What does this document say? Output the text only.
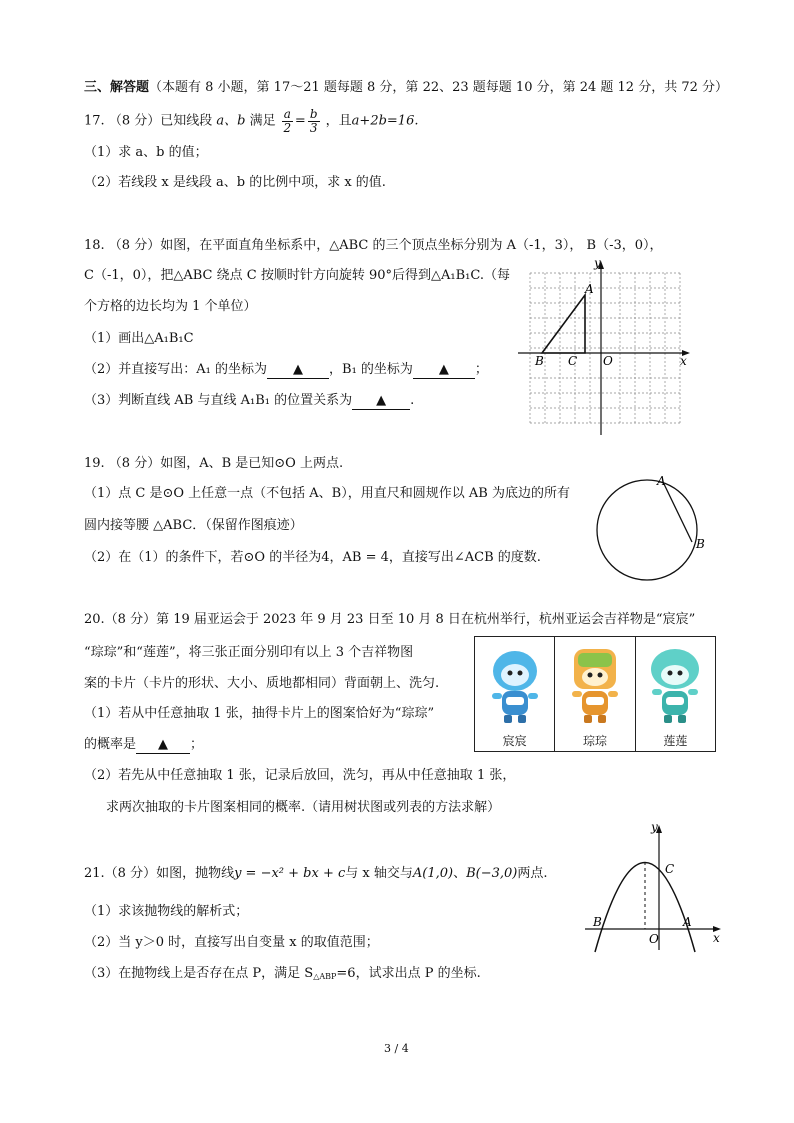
三、解答题（本题有 8 小题，第 17～21 题每题 8 分，第 22、23 题每题 10 分，第 24 题 12 分，共 72 分）
17. （8 分）已知线段 a、b 满足 $\frac{a}{2} = \frac{b}{3}$ ，且a+2b=16.
（1）求 a、b 的值；
（2）若线段 x 是线段 a、b 的比例中项，求 x 的值.
18. （8 分）如图，在平面直角坐标系中，△ABC 的三个顶点坐标分别为 A（-1，3）， B（-3，0），
C（-1，0），把△ABC 绕点 C 按顺时针方向旋转 90°后得到△A₁B₁C.（每
个方格的边长均为 1 个单位）
（1）画出△A₁B₁C
（2）并直接写出：A₁ 的坐标为 ▲ ，B₁ 的坐标为 ▲ ；
（3）判断直线 AB 与直线 A₁B₁ 的位置关系为 ▲ .
y
x
A
B C O
19. （8 分）如图，A、B 是已知⊙O 上两点.
（1）点 C 是⊙O 上任意一点（不包括 A、B），用直尺和圆规作以 AB 为底边的所有
圆内接等腰 △ABC．（保留作图痕迹）
（2）在（1）的条件下，若⊙O 的半径为4，AB = 4，直接写出∠ACB 的度数.
A
B
20.（8 分）第 19 届亚运会于 2023 年 9 月 23 日至 10 月 8 日在杭州举行，杭州亚运会吉祥物是“宸宸”
“琮琮”和“莲莲”，将三张正面分别印有以上 3 个吉祥物图
案的卡片（卡片的形状、大小、质地都相同）背面朝上、洗匀.
（1）若从中任意抽取 1 张，抽得卡片上的图案恰好为“琮琮”
的概率是 ▲ ；
（2）若先从中任意抽取 1 张，记录后放回，洗匀，再从中任意抽取 1 张，
求两次抽取的卡片图案相同的概率.（请用树状图或列表的方法求解）
宸宸	琮琮	莲莲
21.（8 分）如图，抛物线y = −x² + bx + c与 x 轴交与A(1,0)、B(−3,0)两点.
（1）求该抛物线的解析式；
（2）当 y＞0 时，直接写出自变量 x 的取值范围；
（3）在抛物线上是否存在点 P，满足 $S_{\triangle ABP}=6$，试求出点 P 的坐标.
y
x
C
B	A
O
3 / 4
